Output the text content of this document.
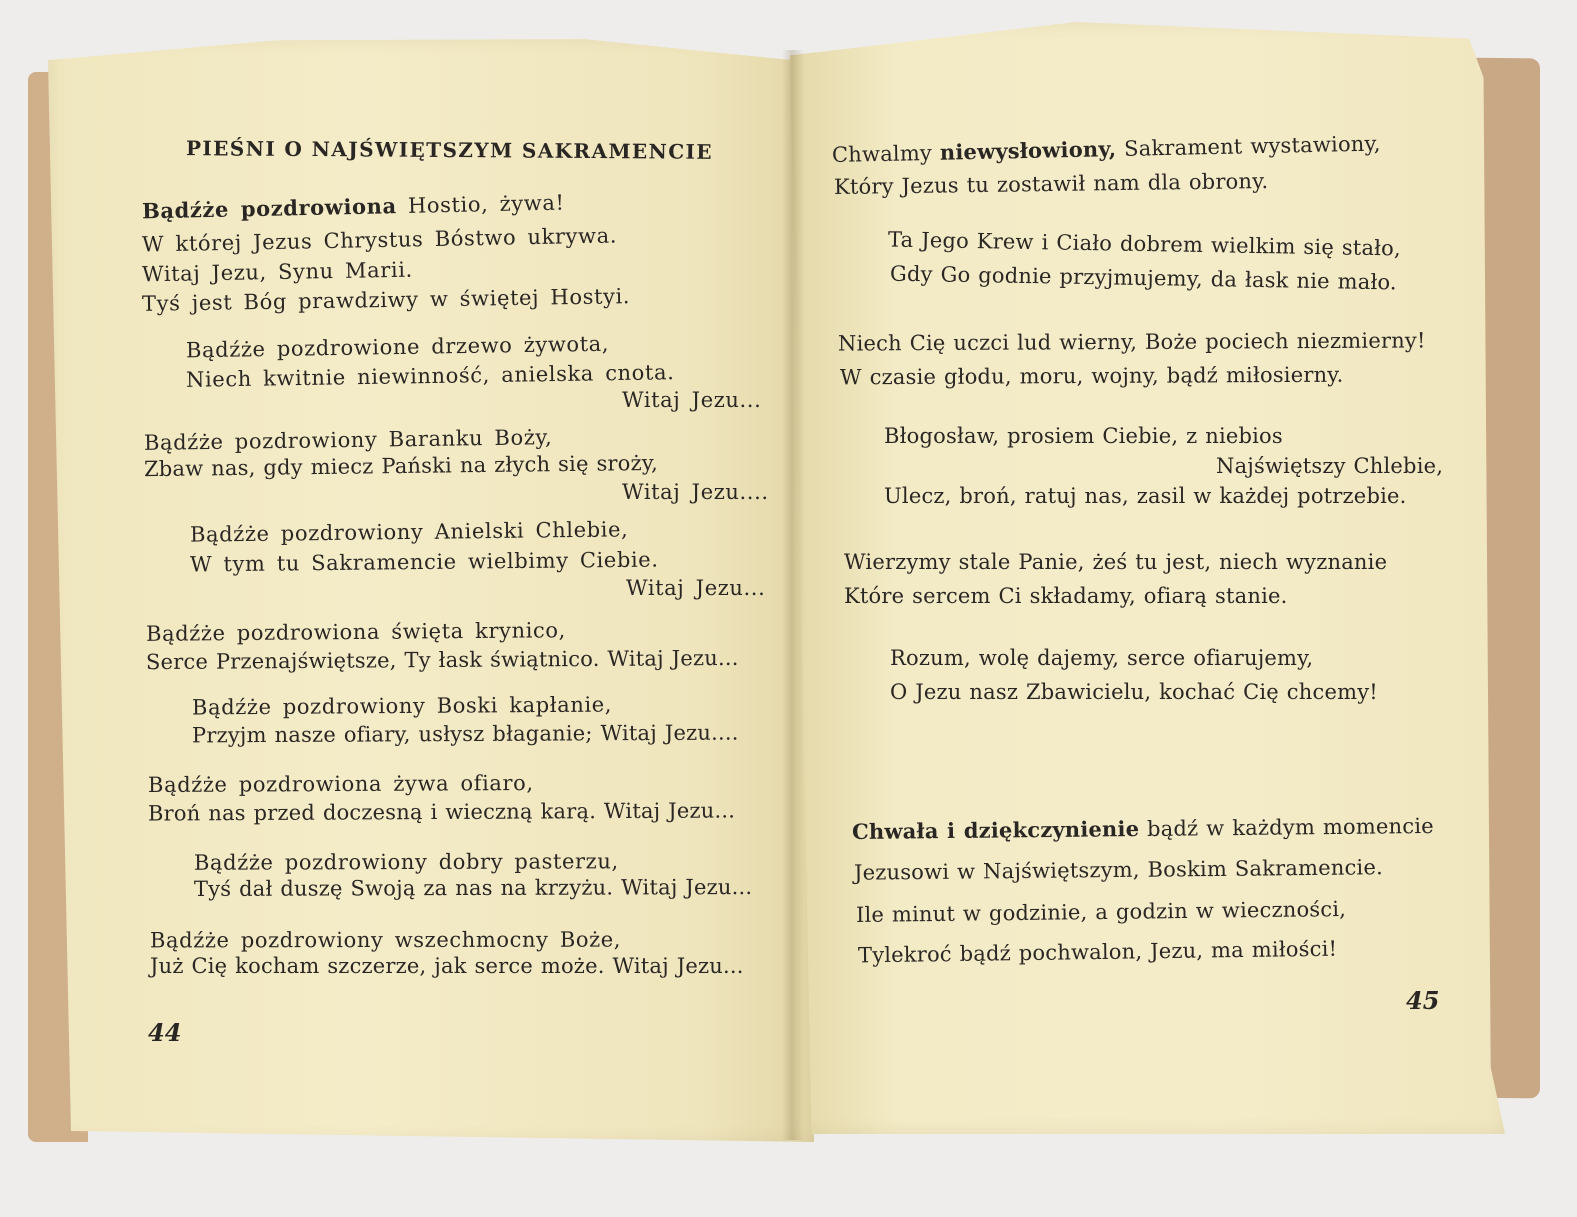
PIEŚNI O NAJŚWIĘTSZYM SAKRAMENCIE
Bądźże pozdrowiona Hostio, żywa!
W której Jezus Chrystus Bóstwo ukrywa.
Witaj Jezu, Synu Marii.
Tyś jest Bóg prawdziwy w świętej Hostyi.
Bądźże pozdrowione drzewo żywota,
Niech kwitnie niewinność, anielska cnota.
Witaj Jezu...
Bądźże pozdrowiony Baranku Boży,
Zbaw nas, gdy miecz Pański na złych się sroży,
Witaj Jezu....
Bądźże pozdrowiony Anielski Chlebie,
W tym tu Sakramencie wielbimy Ciebie.
Witaj Jezu...
Bądźże pozdrowiona święta krynico,
Serce Przenajświętsze, Ty łask świątnico. Witaj Jezu...
Bądźże pozdrowiony Boski kapłanie,
Przyjm nasze ofiary, usłysz błaganie; Witaj Jezu....
Bądźże pozdrowiona żywa ofiaro,
Broń nas przed doczesną i wieczną karą. Witaj Jezu...
Bądźże pozdrowiony dobry pasterzu,
Tyś dał duszę Swoją za nas na krzyżu. Witaj Jezu...
Bądźże pozdrowiony wszechmocny Boże,
Już Cię kocham szczerze, jak serce może. Witaj Jezu...
44
Chwalmy niewysłowiony, Sakrament wystawiony,
Który Jezus tu zostawił nam dla obrony.
Ta Jego Krew i Ciało dobrem wielkim się stało,
Gdy Go godnie przyjmujemy, da łask nie mało.
Niech Cię uczci lud wierny, Boże pociech niezmierny!
W czasie głodu, moru, wojny, bądź miłosierny.
Błogosław, prosiem Ciebie, z niebios
Najświętszy Chlebie,
Ulecz, broń, ratuj nas, zasil w każdej potrzebie.
Wierzymy stale Panie, żeś tu jest, niech wyznanie
Które sercem Ci składamy, ofiarą stanie.
Rozum, wolę dajemy, serce ofiarujemy,
O Jezu nasz Zbawicielu, kochać Cię chcemy!
Chwała i dziękczynienie bądź w każdym momencie
Jezusowi w Najświętszym, Boskim Sakramencie.
Ile minut w godzinie, a godzin w wieczności,
Tylekroć bądź pochwalon, Jezu, ma miłości!
45
